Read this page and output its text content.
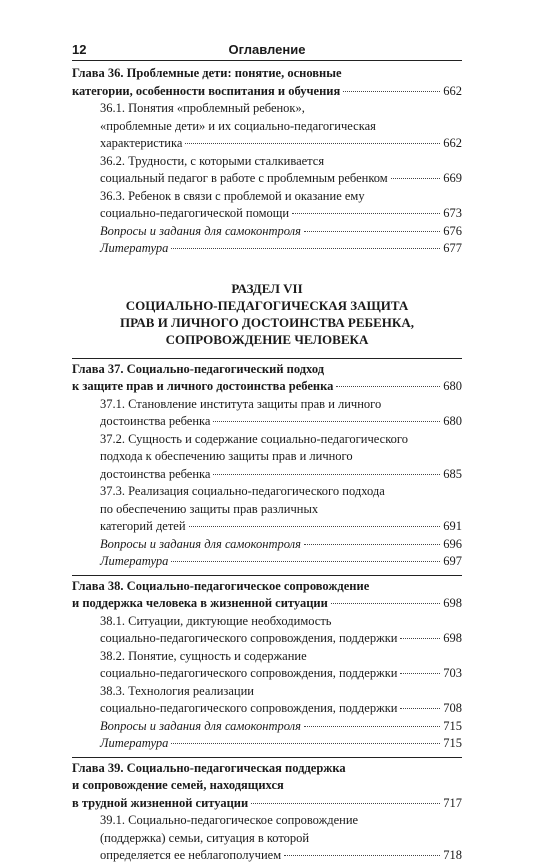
12	Оглавление
Глава 36. Проблемные дети: понятие, основные
категории, особенности воспитания и обучения	662
36.1. Понятия «проблемный ребенок»,
«проблемные дети» и их социально-педагогическая
характеристика	662
36.2. Трудности, с которыми сталкивается
социальный педагог в работе с проблемным ребенком	669
36.3. Ребенок в связи с проблемой и оказание ему
социально-педагогической помощи	673
Вопросы и задания для самоконтроля	676
Литература	677
РАЗДЕЛ VII
СОЦИАЛЬНО-ПЕДАГОГИЧЕСКАЯ ЗАЩИТА
ПРАВ И ЛИЧНОГО ДОСТОИНСТВА РЕБЕНКА,
СОПРОВОЖДЕНИЕ ЧЕЛОВЕКА
Глава 37. Социально-педагогический подход
к защите прав и личного достоинства ребенка	680
37.1. Становление института защиты прав и личного
достоинства ребенка	680
37.2. Сущность и содержание социально-педагогического
подхода к обеспечению защиты прав и личного
достоинства ребенка	685
37.3. Реализация социально-педагогического подхода
по обеспечению защиты прав различных
категорий детей	691
Вопросы и задания для самоконтроля	696
Литература	697
Глава 38. Социально-педагогическое сопровождение
и поддержка человека в жизненной ситуации	698
38.1. Ситуации, диктующие необходимость
социально-педагогического сопровождения, поддержки	698
38.2. Понятие, сущность и содержание
социально-педагогического сопровождения, поддержки	703
38.3. Технология реализации
социально-педагогического сопровождения, поддержки	708
Вопросы и задания для самоконтроля	715
Литература	715
Глава 39. Социально-педагогическая поддержка
и сопровождение семей, находящихся
в трудной жизненной ситуации	717
39.1. Социально-педагогическое сопровождение
(поддержка) семьи, ситуация в которой
определяется ее неблагополучием	718
